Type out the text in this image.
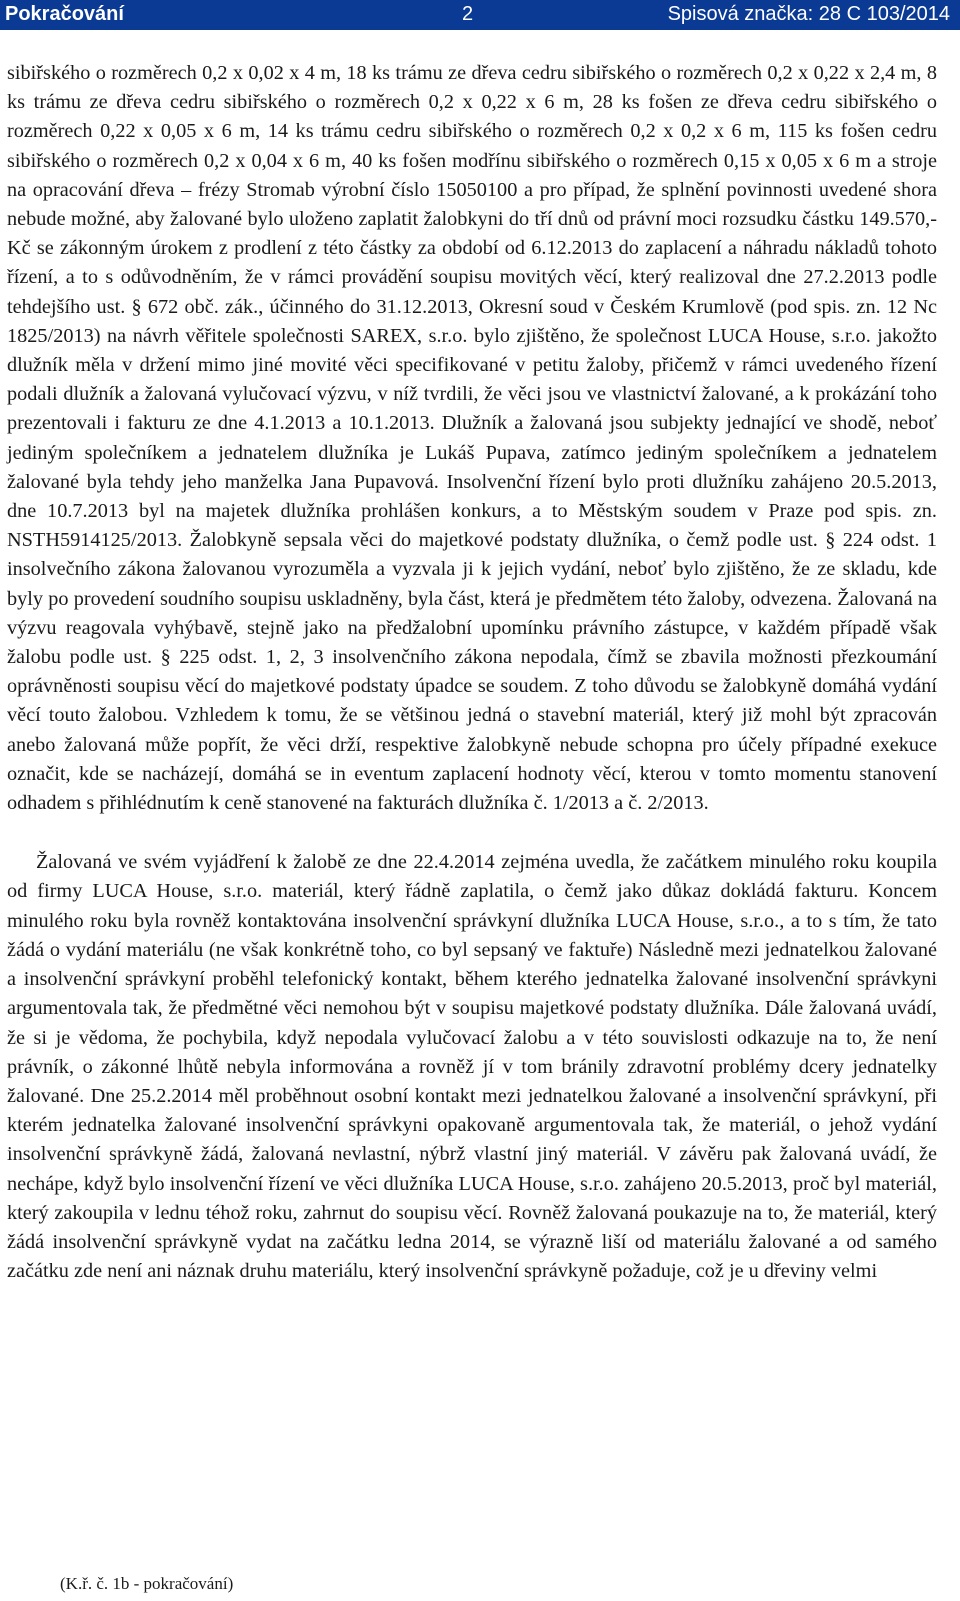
Pokračování	2	Spisová značka: 28 C 103/2014

sibiřského o rozměrech 0,2 x 0,02 x 4 m, 18 ks trámu ze dřeva cedru sibiřského o rozměrech 0,2 x 0,22 x 2,4 m, 8 ks trámu ze dřeva cedru sibiřského o rozměrech 0,2 x 0,22 x 6 m, 28 ks fošen ze dřeva cedru sibiřského o rozměrech 0,22 x 0,05 x 6 m, 14 ks trámu cedru sibiřského o rozměrech 0,2 x 0,2 x 6 m, 115 ks fošen cedru sibiřského o rozměrech 0,2 x 0,04 x 6 m, 40 ks fošen modřínu sibiřského o rozměrech 0,15 x 0,05 x 6 m a stroje na opracování dřeva – frézy Stromab výrobní číslo 15050100 a pro případ, že splnění povinnosti uvedené shora nebude možné, aby žalované bylo uloženo zaplatit žalobkyni do tří dnů od právní moci rozsudku částku 149.570,- Kč se zákonným úrokem z prodlení z této částky za období od 6.12.2013 do zaplacení a náhradu nákladů tohoto řízení, a to s odůvodněním, že v rámci provádění soupisu movitých věcí, který realizoval dne 27.2.2013 podle tehdejšího ust. § 672 obč. zák., účinného do 31.12.2013, Okresní soud v Českém Krumlově (pod spis. zn. 12 Nc 1825/2013) na návrh věřitele společnosti SAREX, s.r.o. bylo zjištěno, že společnost LUCA House, s.r.o. jakožto dlužník měla v držení mimo jiné movité věci specifikované v petitu žaloby, přičemž v rámci uvedeného řízení podali dlužník a žalovaná vylučovací výzvu, v níž tvrdili, že věci jsou ve vlastnictví žalované, a k prokázání toho prezentovali i fakturu ze dne 4.1.2013 a 10.1.2013. Dlužník a žalovaná jsou subjekty jednající ve shodě, neboť jediným společníkem a jednatelem dlužníka je Lukáš Pupava, zatímco jediným společníkem a jednatelem žalované byla tehdy jeho manželka Jana Pupavová. Insolvenční řízení bylo proti dlužníku zahájeno 20.5.2013, dne 10.7.2013 byl na majetek dlužníka prohlášen konkurs, a to Městským soudem v Praze pod spis. zn. NSTH5914125/2013. Žalobkyně sepsala věci do majetkové podstaty dlužníka, o čemž podle ust. § 224 odst. 1 insolvečního zákona žalovanou vyrozuměla a vyzvala ji k jejich vydání, neboť bylo zjištěno, že ze skladu, kde byly po provedení soudního soupisu uskladněny, byla část, která je předmětem této žaloby, odvezena. Žalovaná na výzvu reagovala vyhýbavě, stejně jako na předžalobní upomínku právního zástupce, v každém případě však žalobu podle ust. § 225 odst. 1, 2, 3 insolvenčního zákona nepodala, čímž se zbavila možnosti přezkoumání oprávněnosti soupisu věcí do majetkové podstaty úpadce se soudem. Z toho důvodu se žalobkyně domáhá vydání věcí touto žalobou. Vzhledem k tomu, že se většinou jedná o stavební materiál, který již mohl být zpracován anebo žalovaná může popřít, že věci drží, respektive žalobkyně nebude schopna pro účely případné exekuce označit, kde se nacházejí, domáhá se in eventum zaplacení hodnoty věcí, kterou v tomto momentu stanovení odhadem s přihlédnutím k ceně stanovené na fakturách dlužníka č. 1/2013 a č. 2/2013.

Žalovaná ve svém vyjádření k žalobě ze dne 22.4.2014 zejména uvedla, že začátkem minulého roku koupila od firmy LUCA House, s.r.o. materiál, který řádně zaplatila, o čemž jako důkaz dokládá fakturu. Koncem minulého roku byla rovněž kontaktována insolvenční správkyní dlužníka LUCA House, s.r.o., a to s tím, že tato žádá o vydání materiálu (ne však konkrétně toho, co byl sepsaný ve faktuře) Následně mezi jednatelkou žalované a insolvenční správkyní proběhl telefonický kontakt, během kterého jednatelka žalované insolvenční správkyni argumentovala tak, že předmětné věci nemohou být v soupisu majetkové podstaty dlužníka. Dále žalovaná uvádí, že si je vědoma, že pochybila, když nepodala vylučovací žalobu a v této souvislosti odkazuje na to, že není právník, o zákonné lhůtě nebyla informována a rovněž jí v tom bránily zdravotní problémy dcery jednatelky žalované. Dne 25.2.2014 měl proběhnout osobní kontakt mezi jednatelkou žalované a insolvenční správkyní, při kterém jednatelka žalované insolvenční správkyni opakovaně argumentovala tak, že materiál, o jehož vydání insolvenční správkyně žádá, žalovaná nevlastní, nýbrž vlastní jiný materiál. V závěru pak žalovaná uvádí, že nechápe, když bylo insolvenční řízení ve věci dlužníka LUCA House, s.r.o. zahájeno 20.5.2013, proč byl materiál, který zakoupila v lednu téhož roku, zahrnut do soupisu věcí. Rovněž žalovaná poukazuje na to, že materiál, který žádá insolvenční správkyně vydat na začátku ledna 2014, se výrazně liší od materiálu žalované a od samého začátku zde není ani náznak druhu materiálu, který insolvenční správkyně požaduje, což je u dřeviny velmi

(K.ř. č. 1b - pokračování)
